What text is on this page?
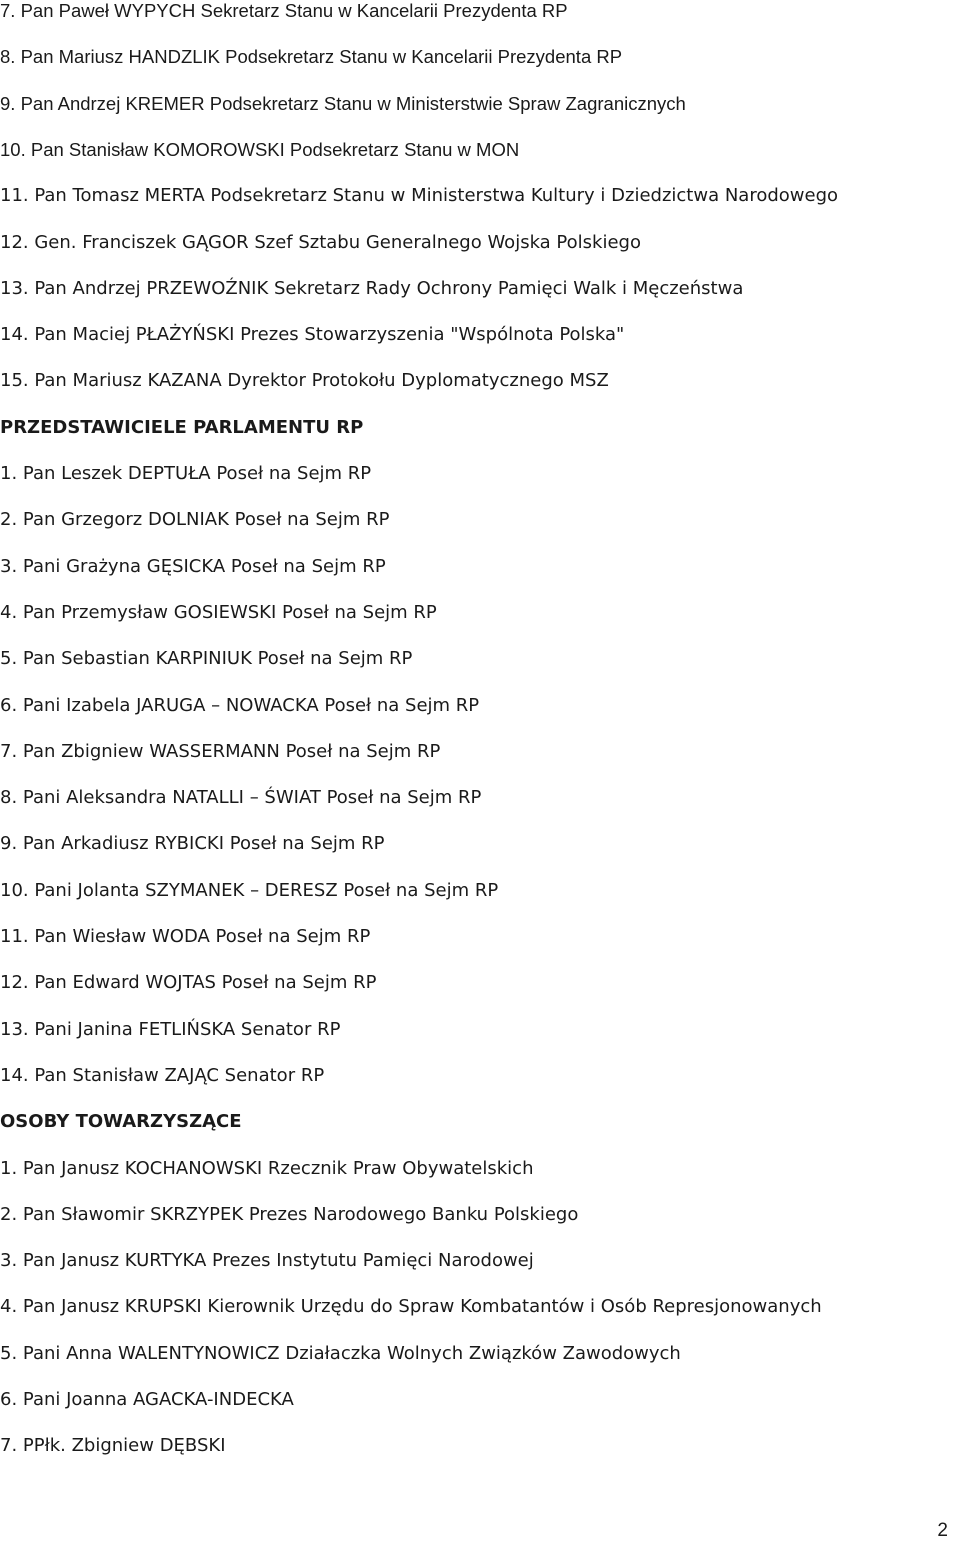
7. Pan Paweł WYPYCH Sekretarz Stanu w Kancelarii Prezydenta RP
8. Pan Mariusz HANDZLIK Podsekretarz Stanu w Kancelarii Prezydenta RP
9. Pan Andrzej KREMER Podsekretarz Stanu w Ministerstwie Spraw Zagranicznych
10. Pan Stanisław KOMOROWSKI Podsekretarz Stanu w MON
11. Pan Tomasz MERTA Podsekretarz Stanu w Ministerstwa Kultury i Dziedzictwa Narodowego
12. Gen. Franciszek GĄGOR Szef Sztabu Generalnego Wojska Polskiego
13. Pan Andrzej PRZEWOŹNIK Sekretarz Rady Ochrony Pamięci Walk i Męczeństwa
14. Pan Maciej PŁAŻYŃSKI Prezes Stowarzyszenia "Wspólnota Polska"
15. Pan Mariusz KAZANA Dyrektor Protokołu Dyplomatycznego MSZ
PRZEDSTAWICIELE PARLAMENTU RP
1. Pan Leszek DEPTUŁA Poseł na Sejm RP
2. Pan Grzegorz DOLNIAK Poseł na Sejm RP
3. Pani Grażyna GĘSICKA Poseł na Sejm RP
4. Pan Przemysław GOSIEWSKI Poseł na Sejm RP
5. Pan Sebastian KARPINIUK Poseł na Sejm RP
6. Pani Izabela JARUGA – NOWACKA Poseł na Sejm RP
7. Pan Zbigniew WASSERMANN Poseł na Sejm RP
8. Pani Aleksandra NATALLI – ŚWIAT Poseł na Sejm RP
9. Pan Arkadiusz RYBICKI Poseł na Sejm RP
10. Pani Jolanta SZYMANEK – DERESZ Poseł na Sejm RP
11. Pan Wiesław WODA Poseł na Sejm RP
12. Pan Edward WOJTAS Poseł na Sejm RP
13. Pani Janina FETLIŃSKA Senator RP
14. Pan Stanisław ZAJĄC Senator RP
OSOBY TOWARZYSZĄCE
1. Pan Janusz KOCHANOWSKI Rzecznik Praw Obywatelskich
2. Pan Sławomir SKRZYPEK Prezes Narodowego Banku Polskiego
3. Pan Janusz KURTYKA Prezes Instytutu Pamięci Narodowej
4. Pan Janusz KRUPSKI Kierownik Urzędu do Spraw Kombatantów i Osób Represjonowanych
5. Pani Anna WALENTYNOWICZ Działaczka Wolnych Związków Zawodowych
6. Pani Joanna AGACKA-INDECKA
7. PPłk. Zbigniew DĘBSKI
2
